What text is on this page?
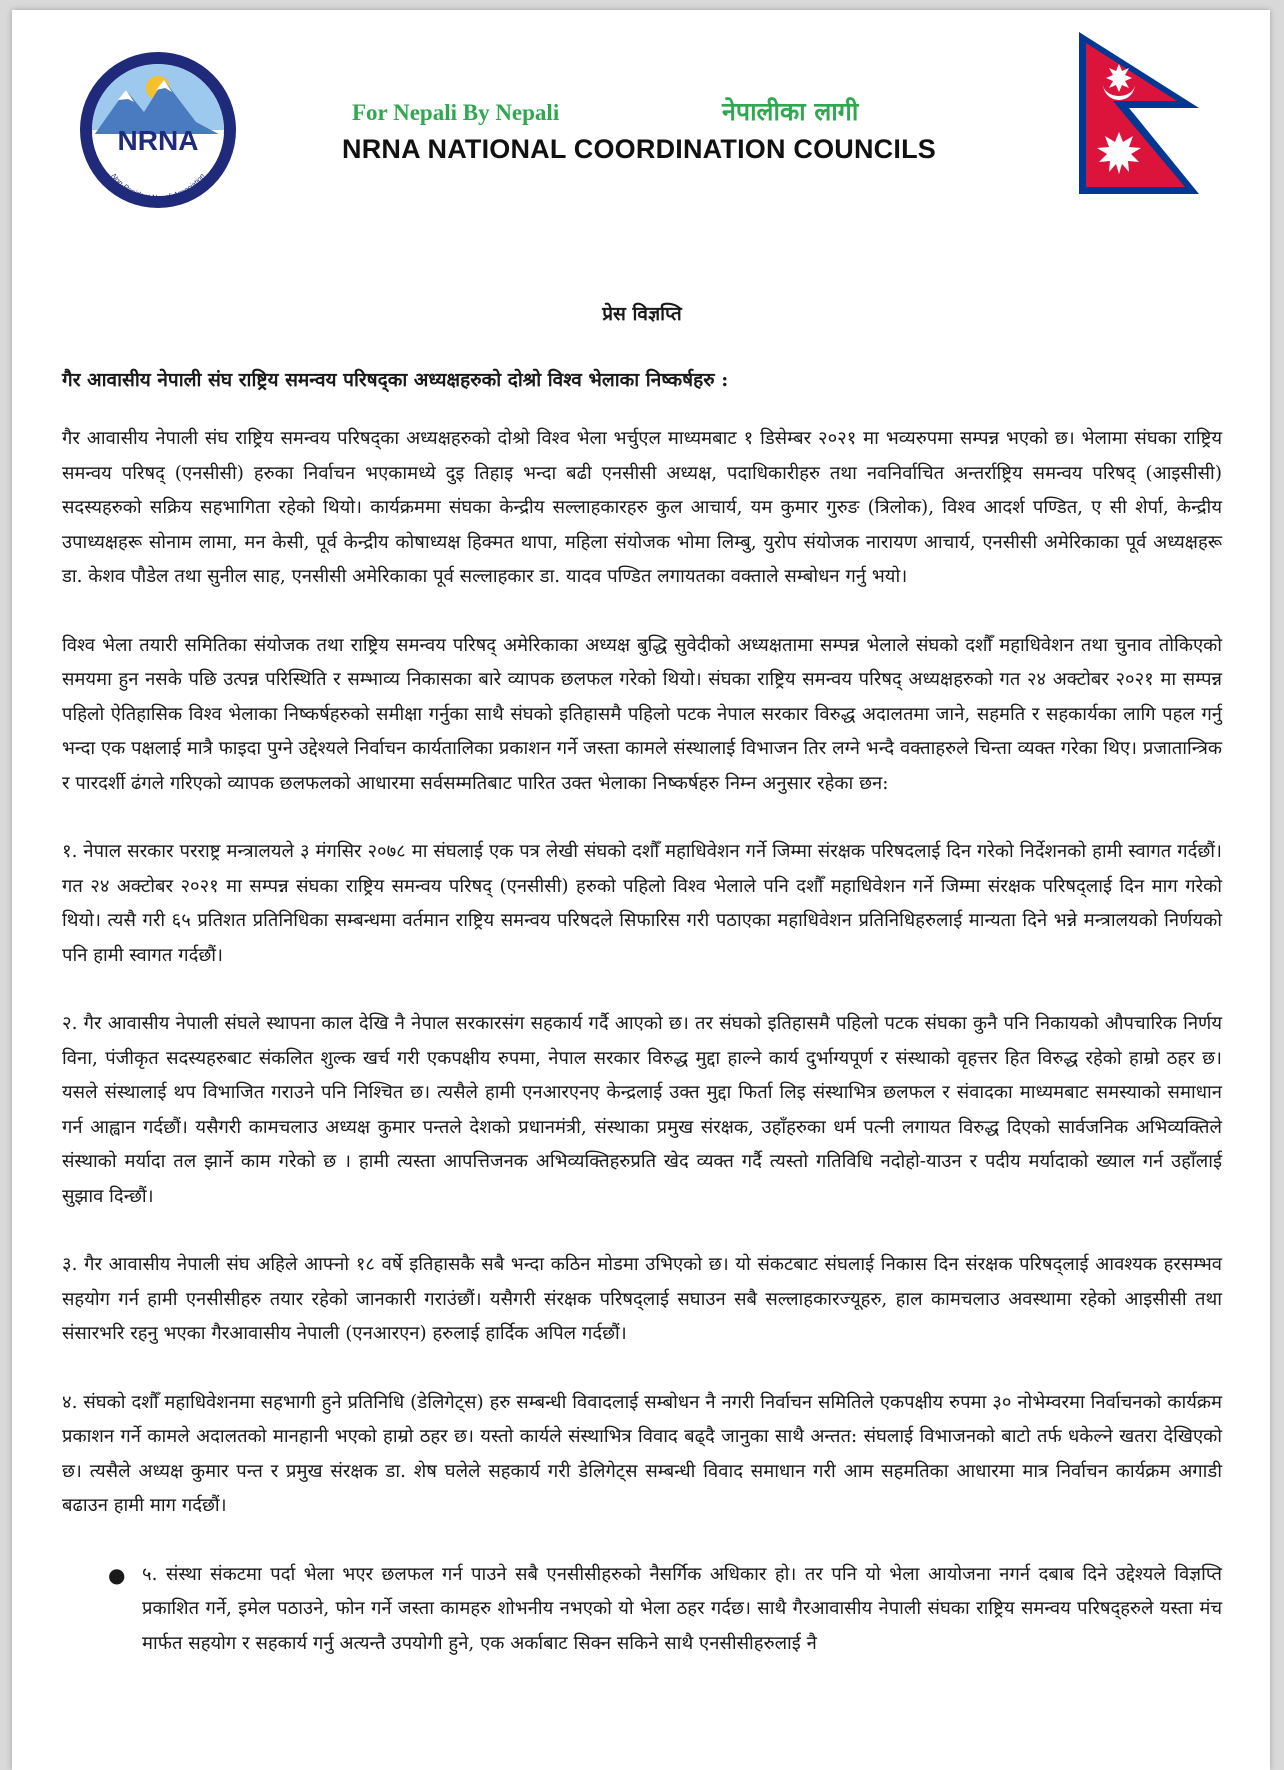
NRNA
Non-Resident Nepali Association
For Nepali By Nepali	नेपालीका लागी
NRNA NATIONAL COORDINATION COUNCILS
प्रेस विज्ञप्ति
गैर आवासीय नेपाली संघ राष्ट्रिय समन्वय परिषद्का अध्यक्षहरुको दोश्रो विश्व भेलाका निष्कर्षहरु :

गैर आवासीय नेपाली संघ राष्ट्रिय समन्वय परिषद्का अध्यक्षहरुको दोश्रो विश्व भेला भर्चुएल माध्यमबाट १ डिसेम्बर २०२१ मा भव्यरुपमा सम्पन्न भएको छ। भेलामा संघका राष्ट्रिय समन्वय परिषद् (एनसीसी) हरुका निर्वाचन भएकामध्ये दुइ तिहाइ भन्दा बढी एनसीसी अध्यक्ष, पदाधिकारीहरु तथा नवनिर्वाचित अन्तर्राष्ट्रिय समन्वय परिषद् (आइसीसी) सदस्यहरुको सक्रिय सहभागिता रहेको थियो। कार्यक्रममा संघका केन्द्रीय सल्लाहकारहरु कुल आचार्य, यम कुमार गुरुङ (त्रिलोक), विश्व आदर्श पण्डित, ए सी शेर्पा, केन्द्रीय उपाध्यक्षहरू सोनाम लामा, मन केसी, पूर्व केन्द्रीय कोषाध्यक्ष हिक्मत थापा, महिला संयोजक भोमा लिम्बु, युरोप संयोजक नारायण आचार्य, एनसीसी अमेरिकाका पूर्व अध्यक्षहरू डा. केशव पौडेल तथा सुनील साह, एनसीसी अमेरिकाका पूर्व सल्लाहकार डा. यादव पण्डित लगायतका वक्ताले सम्बोधन गर्नु भयो।

विश्व भेला तयारी समितिका संयोजक तथा राष्ट्रिय समन्वय परिषद् अमेरिकाका अध्यक्ष बुद्धि सुवेदीको अध्यक्षतामा सम्पन्न भेलाले संघको दशौँ महाधिवेशन तथा चुनाव तोकिएको समयमा हुन नसके पछि उत्पन्न परिस्थिति र सम्भाव्य निकासका बारे व्यापक छलफल गरेको थियो। संघका राष्ट्रिय समन्वय परिषद् अध्यक्षहरुको गत २४ अक्टोबर २०२१ मा सम्पन्न पहिलो ऐतिहासिक विश्व भेलाका निष्कर्षहरुको समीक्षा गर्नुका साथै संघको इतिहासमै पहिलो पटक नेपाल सरकार विरुद्ध अदालतमा जाने, सहमति र सहकार्यका लागि पहल गर्नु भन्दा एक पक्षलाई मात्रै फाइदा पुग्ने उद्देश्यले निर्वाचन कार्यतालिका प्रकाशन गर्ने जस्ता कामले संस्थालाई विभाजन तिर लग्ने भन्दै वक्ताहरुले चिन्ता व्यक्त गरेका थिए। प्रजातान्त्रिक र पारदर्शी ढंगले गरिएको व्यापक छलफलको आधारमा सर्वसम्मतिबाट पारित उक्त भेलाका निष्कर्षहरु निम्न अनुसार रहेका छन:

१. नेपाल सरकार परराष्ट्र मन्त्रालयले ३ मंगसिर २०७८ मा संघलाई एक पत्र लेखी संघको दशौँ महाधिवेशन गर्ने जिम्मा संरक्षक परिषदलाई दिन गरेको निर्देशनको हामी स्वागत गर्दछौं। गत २४ अक्टोबर २०२१ मा सम्पन्न संघका राष्ट्रिय समन्वय परिषद् (एनसीसी) हरुको पहिलो विश्व भेलाले पनि दशौँ महाधिवेशन गर्ने जिम्मा संरक्षक परिषद्लाई दिन माग गरेको थियो। त्यसै गरी ६५ प्रतिशत प्रतिनिधिका सम्बन्धमा वर्तमान राष्ट्रिय समन्वय परिषदले सिफारिस गरी पठाएका महाधिवेशन प्रतिनिधिहरुलाई मान्यता दिने भन्ने मन्त्रालयको निर्णयको पनि हामी स्वागत गर्दछौं।

२. गैर आवासीय नेपाली संघले स्थापना काल देखि नै नेपाल सरकारसंग सहकार्य गर्दै आएको छ। तर संघको इतिहासमै पहिलो पटक संघका कुनै पनि निकायको औपचारिक निर्णय विना, पंजीकृत सदस्यहरुबाट संकलित शुल्क खर्च गरी एकपक्षीय रुपमा, नेपाल सरकार विरुद्ध मुद्दा हाल्ने कार्य दुर्भाग्यपूर्ण र संस्थाको वृहत्तर हित विरुद्ध रहेको हाम्रो ठहर छ। यसले संस्थालाई थप विभाजित गराउने पनि निश्चित छ। त्यसैले हामी एनआरएनए केन्द्रलाई उक्त मुद्दा फिर्ता लिइ संस्थाभित्र छलफल र संवादका माध्यमबाट समस्याको समाधान गर्न आह्वान गर्दछौं। यसैगरी कामचलाउ अध्यक्ष कुमार पन्तले देशको प्रधानमंत्री, संस्थाका प्रमुख संरक्षक, उहाँहरुका धर्म पत्नी लगायत विरुद्ध दिएको सार्वजनिक अभिव्यक्तिले संस्थाको मर्यादा तल झार्ने काम गरेको छ । हामी त्यस्ता आपत्तिजनक अभिव्यक्तिहरुप्रति खेद व्यक्त गर्दै त्यस्तो गतिविधि नदोहो-याउन र पदीय मर्यादाको ख्याल गर्न उहाँलाई सुझाव दिन्छौं।

३. गैर आवासीय नेपाली संघ अहिले आफ्नो १८ वर्षे इतिहासकै सबै भन्दा कठिन मोडमा उभिएको छ। यो संकटबाट संघलाई निकास दिन संरक्षक परिषद्लाई आवश्यक हरसम्भव सहयोग गर्न हामी एनसीसीहरु तयार रहेको जानकारी गराउंछौं। यसैगरी संरक्षक परिषद्लाई सघाउन सबै सल्लाहकारज्यूहरु, हाल कामचलाउ अवस्थामा रहेको आइसीसी तथा संसारभरि रहनु भएका गैरआवासीय नेपाली (एनआरएन) हरुलाई हार्दिक अपिल गर्दछौं।

४. संघको दशौँ महाधिवेशनमा सहभागी हुने प्रतिनिधि (डेलिगेट्स) हरु सम्बन्धी विवादलाई सम्बोधन नै नगरी निर्वाचन समितिले एकपक्षीय रुपमा ३० नोभेम्वरमा निर्वाचनको कार्यक्रम प्रकाशन गर्ने कामले अदालतको मानहानी भएको हाम्रो ठहर छ। यस्तो कार्यले संस्थाभित्र विवाद बढ्दै जानुका साथै अन्तत: संघलाई विभाजनको बाटो तर्फ धकेल्ने खतरा देखिएको छ। त्यसैले अध्यक्ष कुमार पन्त र प्रमुख संरक्षक डा. शेष घलेले सहकार्य गरी डेलिगेट्स सम्बन्धी विवाद समाधान गरी आम सहमतिका आधारमा मात्र निर्वाचन कार्यक्रम अगाडी बढाउन हामी माग गर्दछौं।

● ५. संस्था संकटमा पर्दा भेला भएर छलफल गर्न पाउने सबै एनसीसीहरुको नैसर्गिक अधिकार हो। तर पनि यो भेला आयोजना नगर्न दबाब दिने उद्देश्यले विज्ञप्ति प्रकाशित गर्ने, इमेल पठाउने, फोन गर्ने जस्ता कामहरु शोभनीय नभएको यो भेला ठहर गर्दछ। साथै गैरआवासीय नेपाली संघका राष्ट्रिय समन्वय परिषद्हरुले यस्ता मंच मार्फत सहयोग र सहकार्य गर्नु अत्यन्तै उपयोगी हुने, एक अर्काबाट सिक्न सकिने साथै एनसीसीहरुलाई नै
